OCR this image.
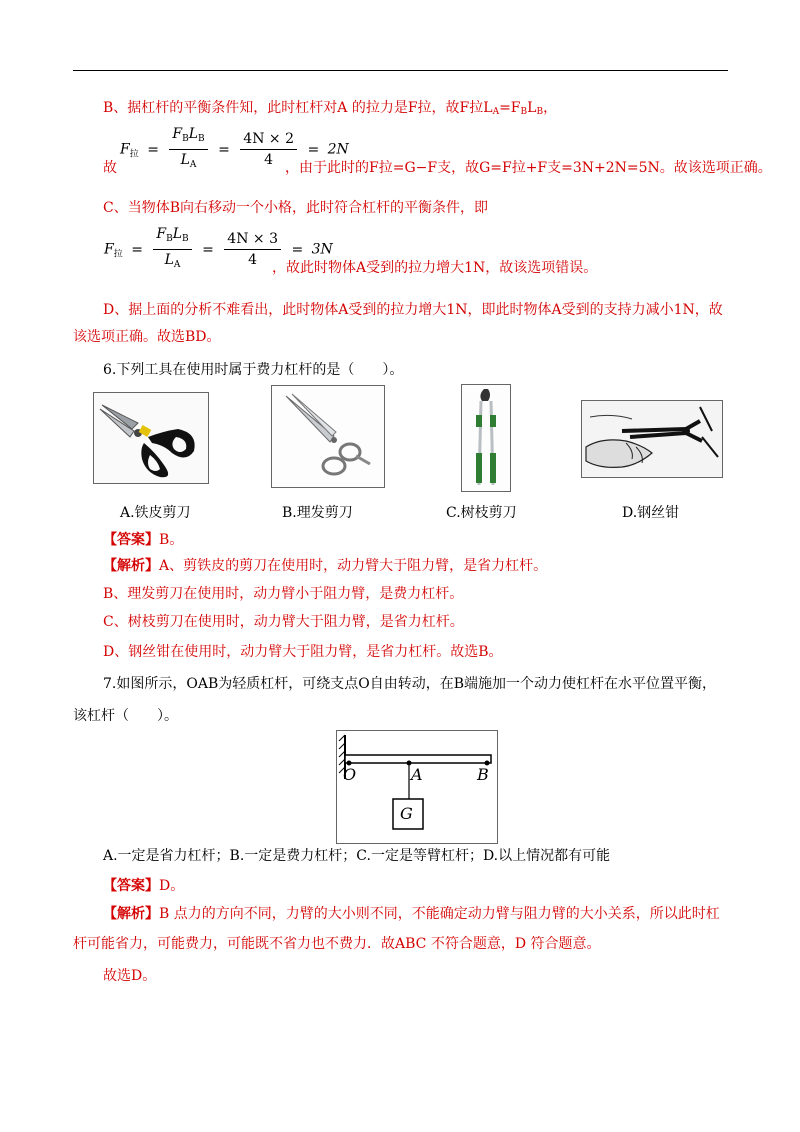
B、据杠杆的平衡条件知，此时杠杆对A 的拉力是F拉，故F拉$L_A=F_BL_B$，
$F_拉 = \frac{F_BL_B}{L_A} = \frac{4N \times 2}{4} = 2N$
故	，由于此时的F拉=G−F支，故G=F拉+F支=3N+2N=5N。故该选项正确。
C、当物体B向右移动一个小格，此时符合杠杆的平衡条件，即
$F_拉 = \frac{F_BL_B}{L_A} = \frac{4N \times 3}{4} = 3N$
，故此时物体A受到的拉力增大1N，故该选项错误。
D、据上面的分析不难看出，此时物体A受到的拉力增大1N，即此时物体A受到的支持力减小1N，故
该选项正确。故选BD。
6.下列工具在使用时属于费力杠杆的是（　　）。
A.铁皮剪刀	B.理发剪刀	C.树枝剪刀	D.钢丝钳
【答案】B。
【解析】A、剪铁皮的剪刀在使用时，动力臂大于阻力臂，是省力杠杆。
B、理发剪刀在使用时，动力臂小于阻力臂，是费力杠杆。
C、树枝剪刀在使用时，动力臂大于阻力臂，是省力杠杆。
D、钢丝钳在使用时，动力臂大于阻力臂，是省力杠杆。故选B。
7.如图所示，OAB为轻质杠杆，可绕支点O自由转动，在B端施加一个动力使杠杆在水平位置平衡，
该杠杆（　　）。
O	A	B
G
A.一定是省力杠杆；B.一定是费力杠杆；C.一定是等臂杠杆；D.以上情况都有可能
【答案】D。
【解析】B 点力的方向不同，力臂的大小则不同，不能确定动力臂与阻力臂的大小关系，所以此时杠
杆可能省力，可能费力，可能既不省力也不费力．故ABC 不符合题意，D 符合题意。
故选D。
